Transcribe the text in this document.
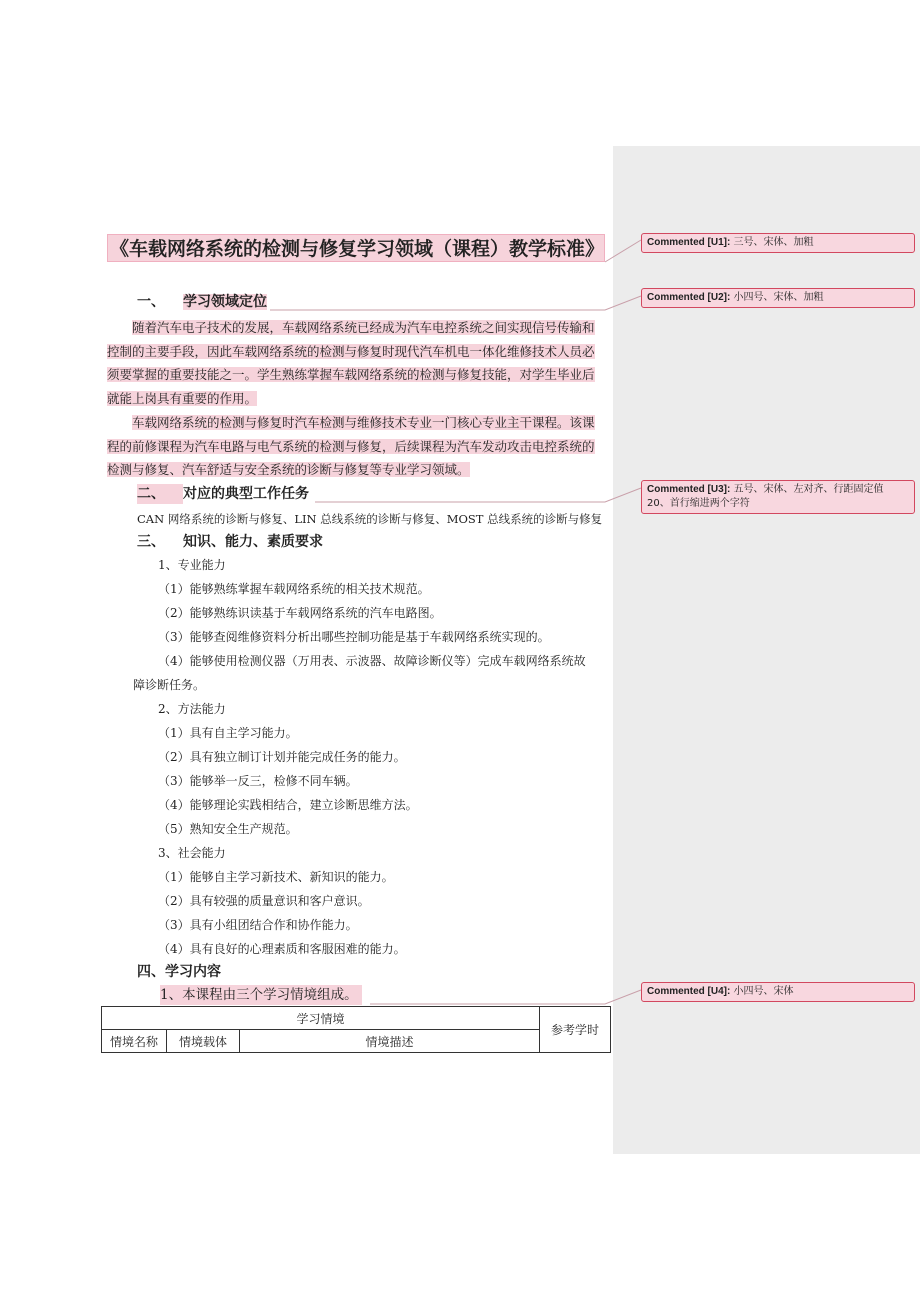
《车载网络系统的检测与修复学习领域（课程）教学标准》
一、 学习领域定位

随着汽车电子技术的发展，车载网络系统已经成为汽车电控系统之间实现信号传输和控制的主要手段，因此车载网络系统的检测与修复时现代汽车机电一体化维修技术人员必须要掌握的重要技能之一。学生熟练掌握车载网络系统的检测与修复技能，对学生毕业后就能上岗具有重要的作用。

车载网络系统的检测与修复时汽车检测与维修技术专业一门核心专业主干课程。该课程的前修课程为汽车电路与电气系统的检测与修复，后续课程为汽车发动攻击电控系统的检测与修复、汽车舒适与安全系统的诊断与修复等专业学习领域。

二、 对应的典型工作任务
CAN 网络系统的诊断与修复、LIN 总线系统的诊断与修复、MOST 总线系统的诊断与修复
三、 知识、能力、素质要求
1、专业能力
（1）能够熟练掌握车载网络系统的相关技术规范。
（2）能够熟练识读基于车载网络系统的汽车电路图。
（3）能够查阅维修资料分析出哪些控制功能是基于车载网络系统实现的。
（4）能够使用检测仪器（万用表、示波器、故障诊断仪等）完成车载网络系统故
障诊断任务。
2、方法能力
（1）具有自主学习能力。
（2）具有独立制订计划并能完成任务的能力。
（3）能够举一反三，检修不同车辆。
（4）能够理论实践相结合，建立诊断思维方法。
（5）熟知安全生产规范。
3、社会能力
（1）能够自主学习新技术、新知识的能力。
（2）具有较强的质量意识和客户意识。
（3）具有小组团结合作和协作能力。
（4）具有良好的心理素质和客服困难的能力。
四、学习内容
1、本课程由三个学习情境组成。
学习情境			参考学时
情境名称	情境载体	情境描述	
Commented [U1]: 三号、宋体、加粗
Commented [U2]: 小四号、宋体、加粗
Commented [U3]: 五号、宋体、左对齐、行距固定值 20、首行缩进两个字符
Commented [U4]: 小四号、宋体
